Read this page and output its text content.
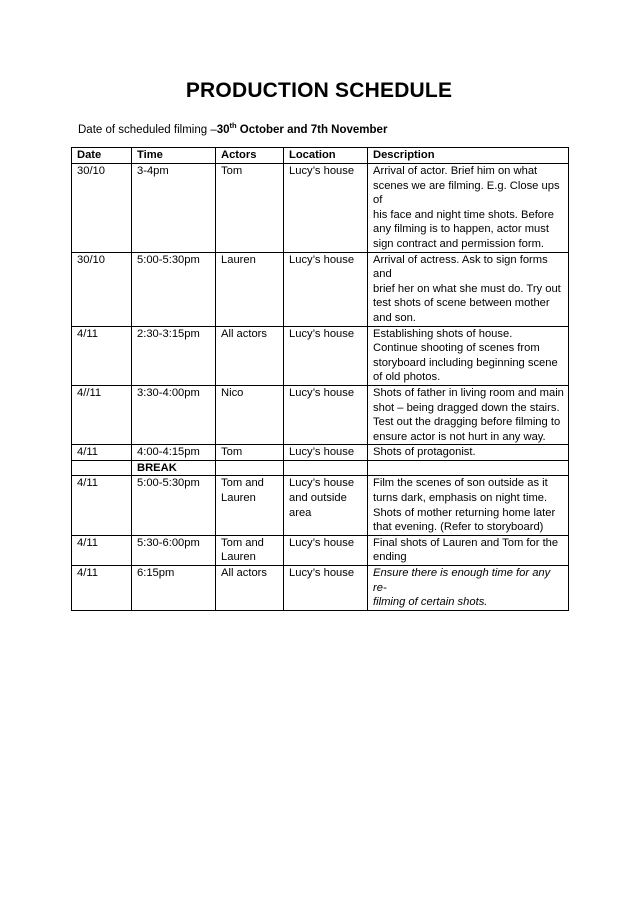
PRODUCTION SCHEDULE
Date of scheduled filming –30th October and 7th November
Date	Time	Actors	Location	Description
30/10	3-4pm	Tom	Lucy’s house	Arrival of actor. Brief him on what
scenes we are filming. E.g. Close ups of
his face and night time shots. Before
any filming is to happen, actor must
sign contract and permission form.
30/10	5:00-5:30pm	Lauren	Lucy’s house	Arrival of actress. Ask to sign forms and
brief her on what she must do. Try out
test shots of scene between mother
and son.
4/11	2:30-3:15pm	All actors	Lucy’s house	Establishing shots of house.
Continue shooting of scenes from
storyboard including beginning scene
of old photos.
4//11	3:30-4:00pm	Nico	Lucy’s house	Shots of father in living room and main
shot – being dragged down the stairs.
Test out the dragging before filming to
ensure actor is not hurt in any way.
4/11	4:00-4:15pm	Tom	Lucy’s house	Shots of protagonist.
	BREAK			
4/11	5:00-5:30pm	Tom and
Lauren	Lucy’s house
and outside
area	Film the scenes of son outside as it
turns dark, emphasis on night time.
Shots of mother returning home later
that evening. (Refer to storyboard)
4/11	5:30-6:00pm	Tom and
Lauren	Lucy’s house	Final shots of Lauren and Tom for the
ending
4/11	6:15pm	All actors	Lucy’s house	Ensure there is enough time for any re-
filming of certain shots.
